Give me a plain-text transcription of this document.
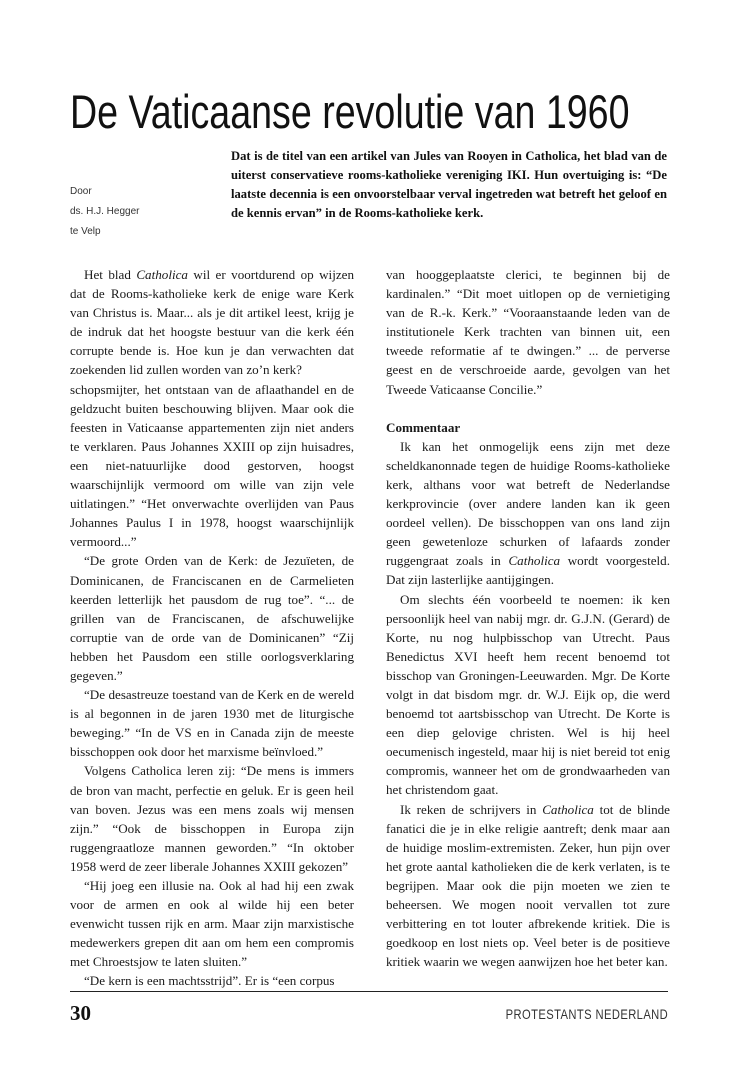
De Vaticaanse revolutie van 1960
Door
ds. H.J. Hegger
te Velp
Dat is de titel van een artikel van Jules van Rooyen in Catholica, het blad van de uiterst conservatieve rooms-katholieke vereniging IKI. Hun overtuiging is: “De laatste decennia is een onvoorstelbaar verval ingetreden wat betreft het geloof en de kennis ervan” in de Rooms-katholieke kerk.

Het blad Catholica wil er voortdurend op wijzen dat de Rooms-katholieke kerk de enige ware Kerk van Christus is. Maar... als je dit artikel leest, krijg je de indruk dat het hoogste bestuur van die kerk één corrupte bende is. Hoe kun je dan verwachten dat zoekenden lid zullen worden van zo’n kerk?

schopsmijter, het ontstaan van de aflaathandel en de geldzucht buiten beschouwing blijven. Maar ook die feesten in Vaticaanse appartementen zijn niet anders te verklaren. Paus Johannes XXIII op zijn huisadres, een niet-natuurlijke dood gestorven, hoogst waarschijnlijk vermoord om wille van zijn vele uitlatingen.” “Het onverwachte overlijden van Paus Johannes Paulus I in 1978, hoogst waarschijnlijk vermoord...”

“De grote Orden van de Kerk: de Jezuïeten, de Dominicanen, de Franciscanen en de Carmelieten keerden letterlijk het pausdom de rug toe”. “... de grillen van de Franciscanen, de afschuwelijke corruptie van de orde van de Dominicanen” “Zij hebben het Pausdom een stille oorlogsverklaring gegeven.”

“De desastreuze toestand van de Kerk en de wereld is al begonnen in de jaren 1930 met de liturgische beweging.” “In de VS en in Canada zijn de meeste bisschoppen ook door het marxisme beïnvloed.”

Volgens Catholica leren zij: “De mens is immers de bron van macht, perfectie en geluk. Er is geen heil van boven. Jezus was een mens zoals wij mensen zijn.” “Ook de bisschoppen in Europa zijn ruggengraatloze mannen geworden.” “In oktober 1958 werd de zeer liberale Johannes XXIII gekozen”

“Hij joeg een illusie na. Ook al had hij een zwak voor de armen en ook al wilde hij een beter evenwicht tussen rijk en arm. Maar zijn marxistische medewerkers grepen dit aan om hem een compromis met Chroestsjow te laten sluiten.”

“De kern is een machtsstrijd”. Er is “een corpus

van hooggeplaatste clerici, te beginnen bij de kardinalen.” “Dit moet uitlopen op de vernietiging van de R.-k. Kerk.” “Vooraanstaande leden van de institutionele Kerk trachten van binnen uit, een tweede reformatie af te dwingen.” ... de perverse geest en de verschroeide aarde, gevolgen van het Tweede Vaticaanse Concilie.”

Commentaar

Ik kan het onmogelijk eens zijn met deze scheldkanonnade tegen de huidige Rooms-katholieke kerk, althans voor wat betreft de Nederlandse kerkprovincie (over andere landen kan ik geen oordeel vellen). De bisschoppen van ons land zijn geen gewetenloze schurken of lafaards zonder ruggengraat zoals in Catholica wordt voorgesteld. Dat zijn lasterlijke aantijgingen.

Om slechts één voorbeeld te noemen: ik ken persoonlijk heel van nabij mgr. dr. G.J.N. (Gerard) de Korte, nu nog hulpbisschop van Utrecht. Paus Benedictus XVI heeft hem recent benoemd tot bisschop van Groningen-Leeuwarden. Mgr. De Korte volgt in dat bisdom mgr. dr. W.J. Eijk op, die werd benoemd tot aartsbisschop van Utrecht. De Korte is een diep gelovige christen. Wel is hij heel oecumenisch ingesteld, maar hij is niet bereid tot enig compromis, wanneer het om de grondwaarheden van het christendom gaat.

Ik reken de schrijvers in Catholica tot de blinde fanatici die je in elke religie aantreft; denk maar aan de huidige moslim-extremisten. Zeker, hun pijn over het grote aantal katholieken die de kerk verlaten, is te begrijpen. Maar ook die pijn moeten we zien te beheersen. We mogen nooit vervallen tot zure verbittering en tot louter afbrekende kritiek. Die is goedkoop en lost niets op. Veel beter is de positieve kritiek waarin we wegen aanwijzen hoe het beter kan.

30	PROTESTANTS NEDERLAND
